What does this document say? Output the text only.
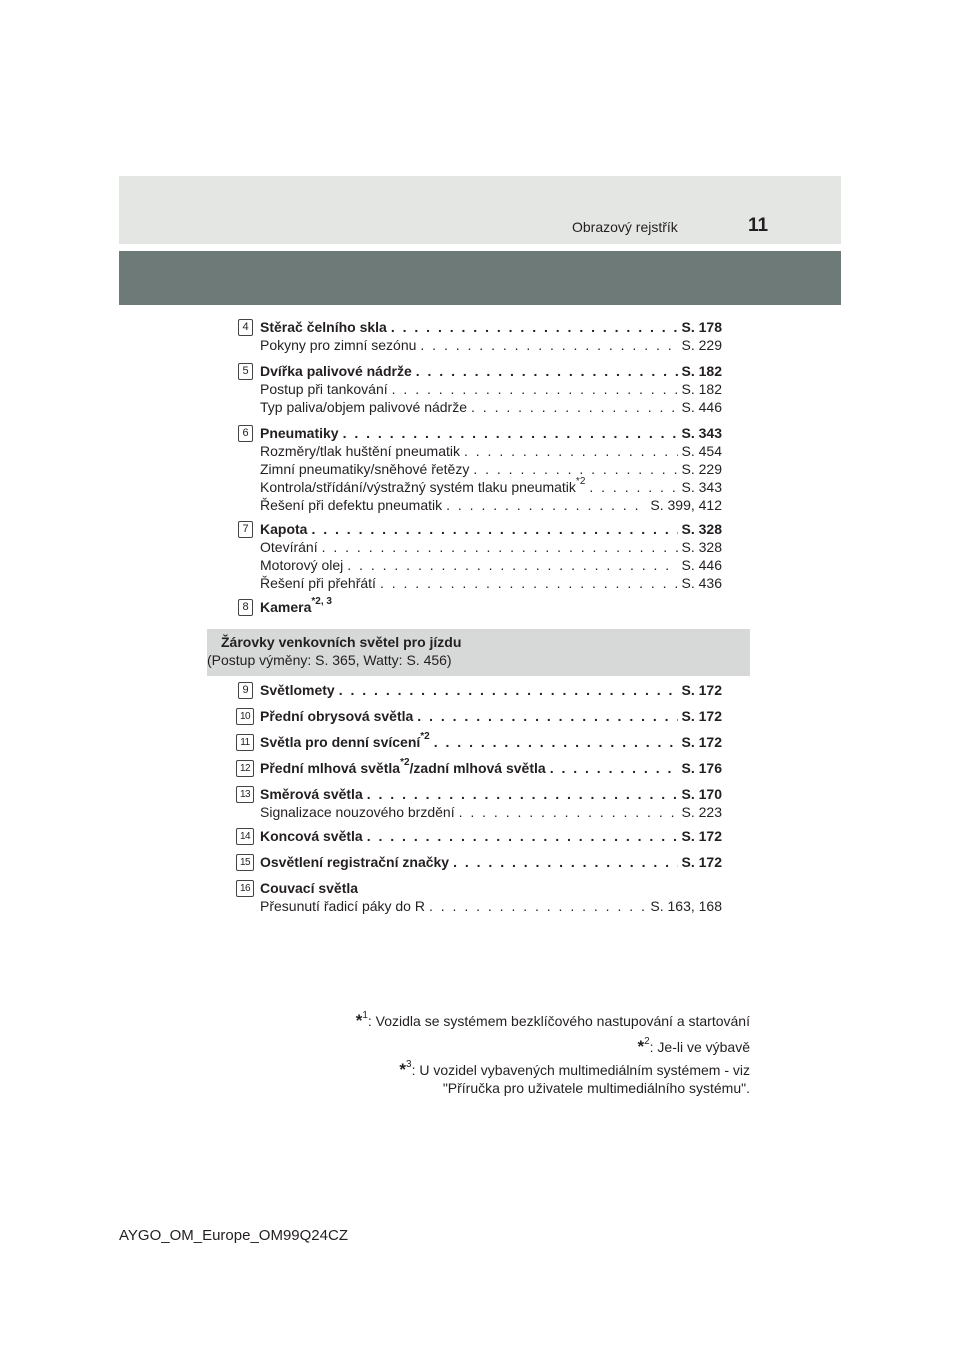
Obrazový rejstřík	11
4 Stěrač čelního skla . . .	S. 178
Pokyny pro zimní sezónu . . .	S. 229
5 Dvířka palivové nádrže . . .	S. 182
Postup při tankování . . .	S. 182
Typ paliva/objem palivové nádrže . . .	S. 446
6 Pneumatiky . . .	S. 343
Rozměry/tlak huštění pneumatik . . .	S. 454
Zimní pneumatiky/sněhové řetězy . . .	S. 229
Kontrola/střídání/výstražný systém tlaku pneumatik$^{*2}$ . . .	S. 343
Řešení při defektu pneumatik . . .	S. 399, 412
7 Kapota . . .	S. 328
Otevírání . . .	S. 328
Motorový olej . . .	S. 446
Řešení při přehřátí . . .	S. 436
8 Kamera$^{*2, 3}$
Žárovky venkovních světel pro jízdu
(Postup výměny: S. 365, Watty: S. 456)
9 Světlomety . . .	S. 172
10 Přední obrysová světla . . .	S. 172
11 Světla pro denní svícení$^{*2}$ . . .	S. 172
12 Přední mlhová světla$^{*2}$/zadní mlhová světla . . .	S. 176
13 Směrová světla . . .	S. 170
Signalizace nouzového brzdění . . .	S. 223
14 Koncová světla . . .	S. 172
15 Osvětlení registrační značky . . .	S. 172
16 Couvací světla
Přesunutí řadicí páky do R . . .	S. 163, 168
*$^1$: Vozidla se systémem bezklíčového nastupování a startování
*$^2$: Je-li ve výbavě
*$^3$: U vozidel vybavených multimediálním systémem - viz
"Příručka pro uživatele multimediálního systému".
AYGO_OM_Europe_OM99Q24CZ
